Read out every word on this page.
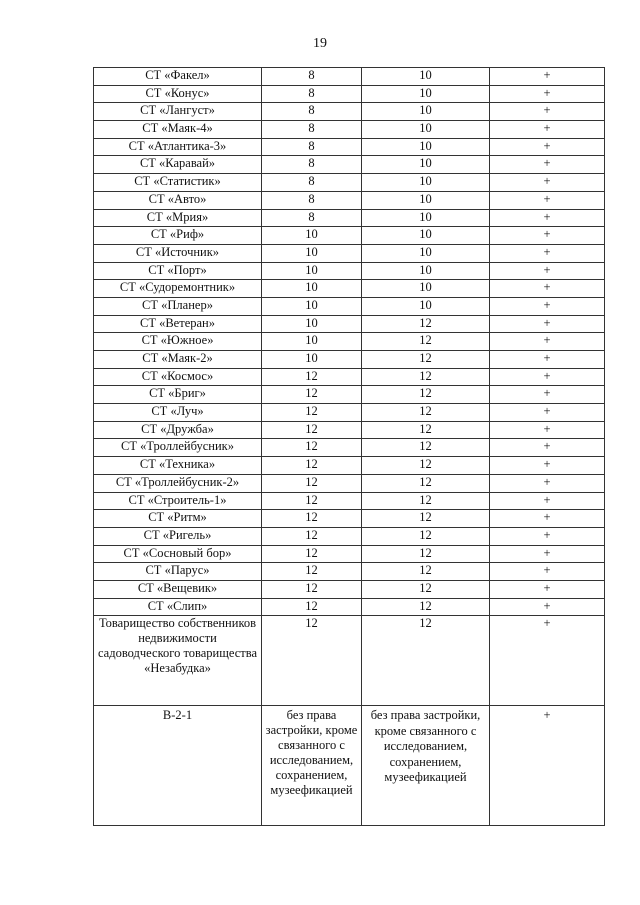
19
СТ «Факел»	8	10	+
СТ «Конус»	8	10	+
СТ «Лангуст»	8	10	+
СТ «Маяк-4»	8	10	+
СТ «Атлантика-3»	8	10	+
СТ «Каравай»	8	10	+
СТ «Статистик»	8	10	+
СТ «Авто»	8	10	+
СТ «Мрия»	8	10	+
СТ «Риф»	10	10	+
СТ «Источник»	10	10	+
СТ «Порт»	10	10	+
СТ «Судоремонтник»	10	10	+
СТ «Планер»	10	10	+
СТ «Ветеран»	10	12	+
СТ «Южное»	10	12	+
СТ «Маяк-2»	10	12	+
СТ «Космос»	12	12	+
СТ «Бриг»	12	12	+
СТ «Луч»	12	12	+
СТ «Дружба»	12	12	+
СТ «Троллейбусник»	12	12	+
СТ «Техника»	12	12	+
СТ «Троллейбусник-2»	12	12	+
СТ «Строитель-1»	12	12	+
СТ «Ритм»	12	12	+
СТ «Ригель»	12	12	+
СТ «Сосновый бор»	12	12	+
СТ «Парус»	12	12	+
СТ «Вещевик»	12	12	+
СТ «Слип»	12	12	+
Товарищество собственников недвижимости садоводческого товарищества «Незабудка»	12	12	+
В-2-1	без права застройки, кроме связанного с исследованием, сохранением, музеефикацией	без права застройки, кроме связанного с исследованием, сохранением, музеефикацией	+
